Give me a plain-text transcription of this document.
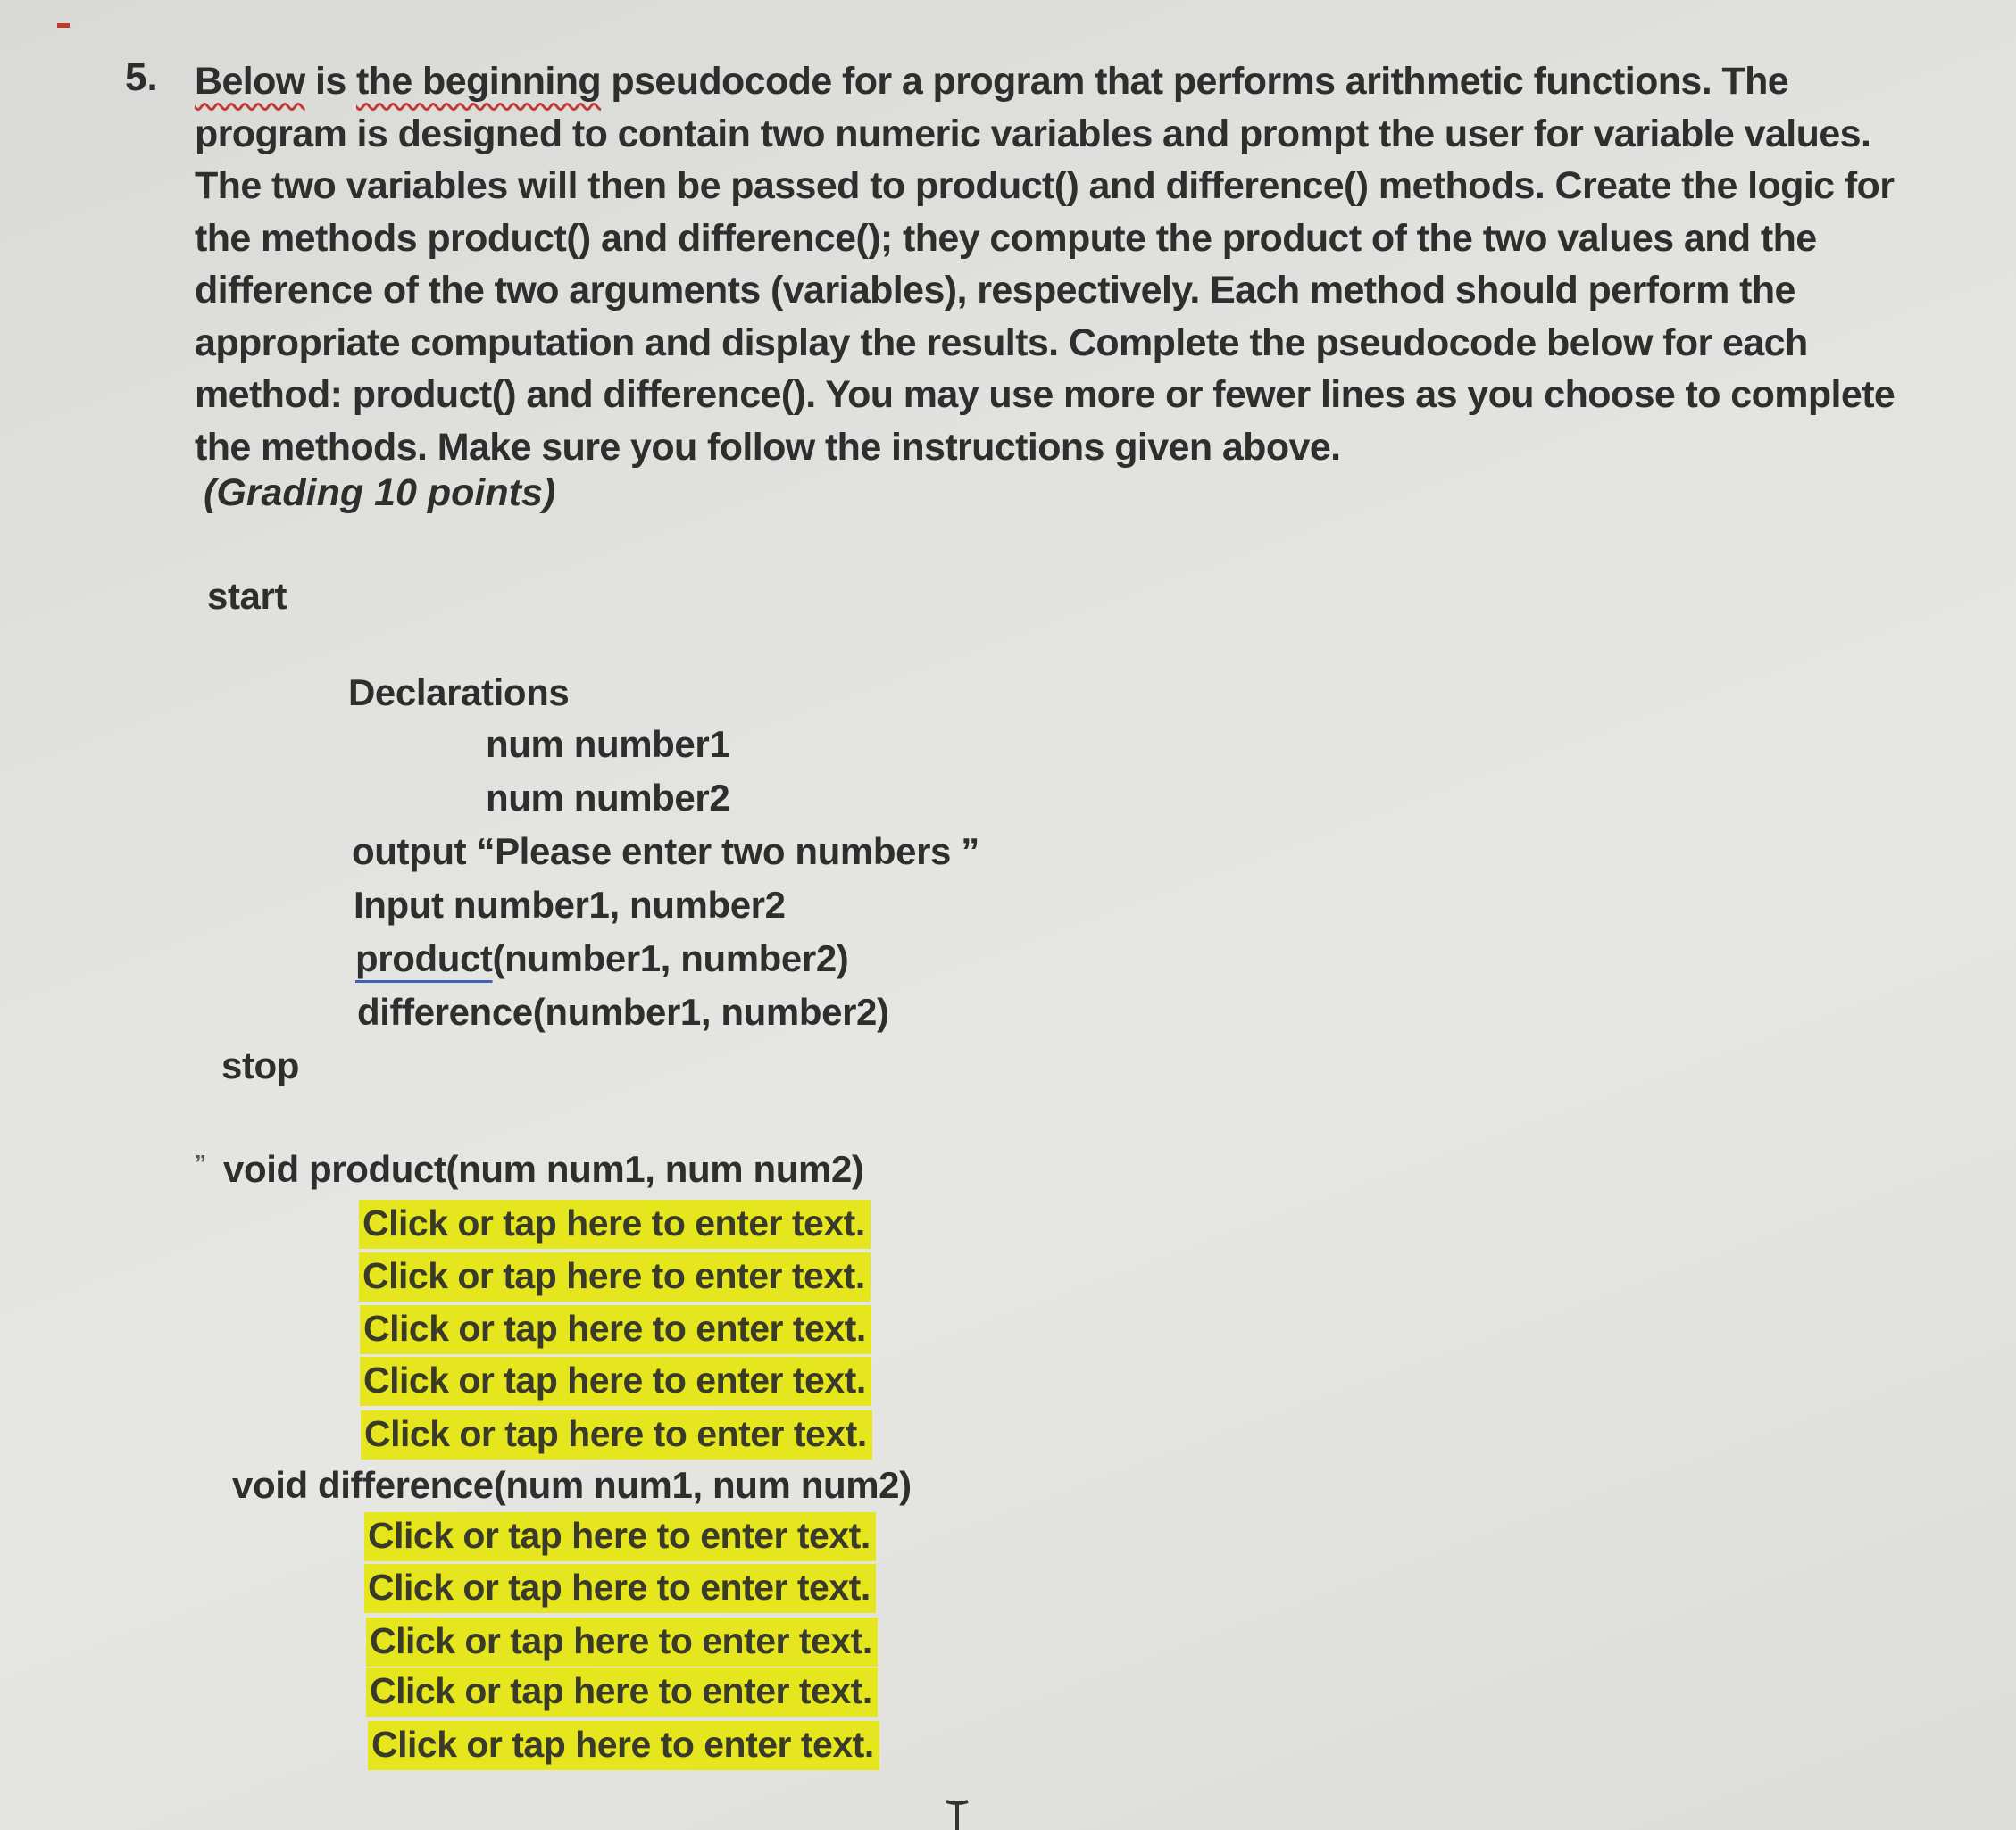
5. Below is the beginning pseudocode for a program that performs arithmetic functions. The
program is designed to contain two numeric variables and prompt the user for variable values.
The two variables will then be passed to product() and difference() methods. Create the logic for
the methods product() and difference(); they compute the product of the two values and the
difference of the two arguments (variables), respectively. Each method should perform the
appropriate computation and display the results. Complete the pseudocode below for each
method: product() and difference(). You may use more or fewer lines as you choose to complete
the methods. Make sure you follow the instructions given above.
(Grading 10 points)
start
Declarations
num number1
num number2
output “Please enter two numbers ”
Input number1, number2
product(number1, number2)
difference(number1, number2)
stop
” void product(num num1, num num2)
Click or tap here to enter text.
Click or tap here to enter text.
Click or tap here to enter text.
Click or tap here to enter text.
Click or tap here to enter text.
void difference(num num1, num num2)
Click or tap here to enter text.
Click or tap here to enter text.
Click or tap here to enter text.
Click or tap here to enter text.
Click or tap here to enter text.
